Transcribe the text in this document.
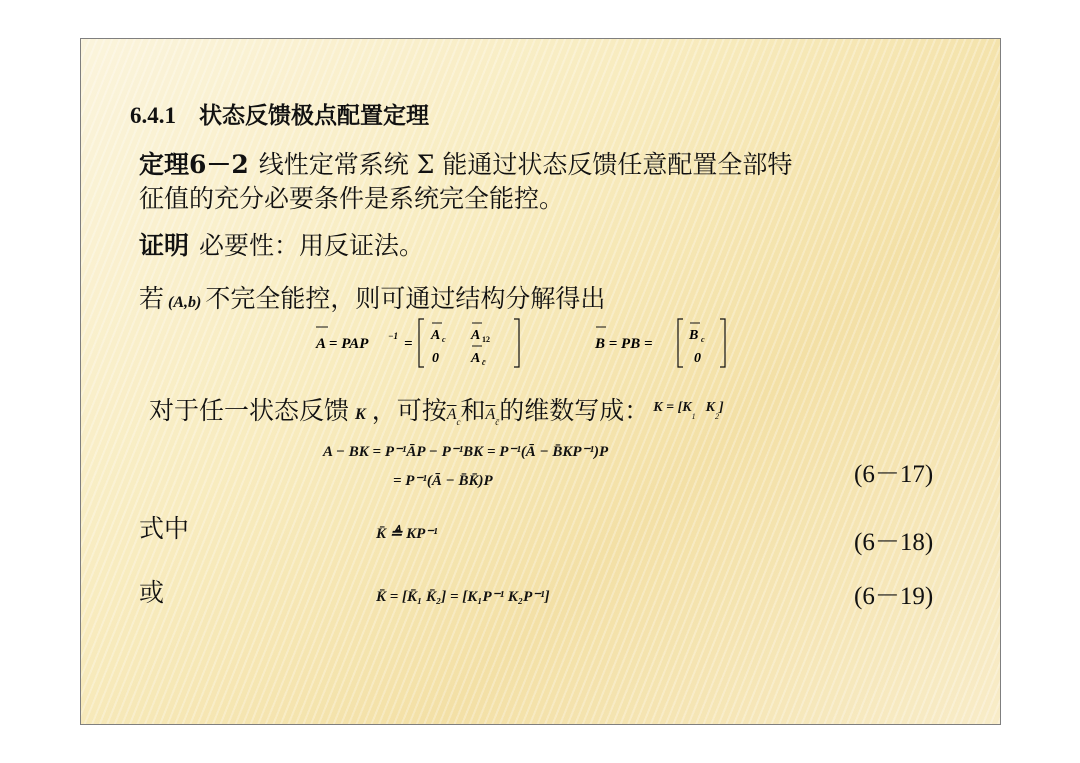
6.4.1　状态反馈极点配置定理
定理6－2 线性定常系统 Σ 能通过状态反馈任意配置全部特
征值的充分必要条件是系统完全能控。
证明 必要性：用反证法。
若 (A,b) 不完全能控，则可通过结构分解得出
A = PAP −1 =
A c A 12
0 A c̄
B = PB =
B c
0
对于任一状态反馈 K ，可按$\overline{A}_c$和$\overline{A}_{c̄}$的维数写成： $^{K = [K}_1^K_2$]
A − BK = P⁻¹ĀP − P⁻¹BK = P⁻¹(Ā − B̄KP⁻¹)P
= P⁻¹(Ā − B̄K̄)P	(6－17)
式中	K̄ ≜ KP⁻¹	(6－18)
或	K̄ = [K̄₁ K̄₂] = [K₁P⁻¹ K₂P⁻¹]	(6－19)
